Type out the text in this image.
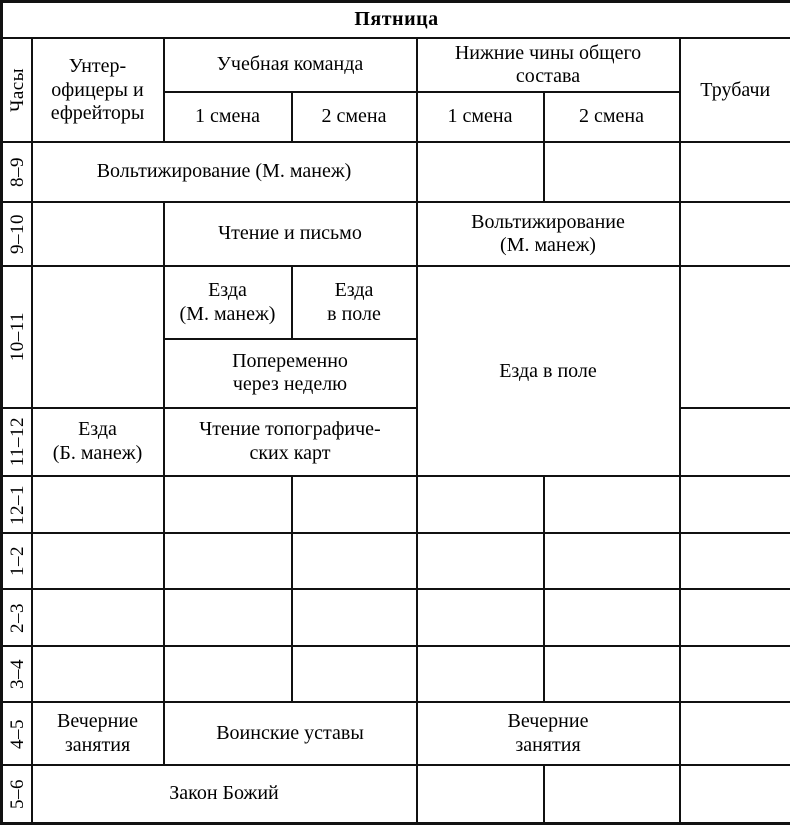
Пятница						

Часы	Унтер-
офицеры и
ефрейторы	Учебная команда		Нижние чины общего состава		Трубачи

		1 смена	2 смена	1 смена	2 смена	

8–9	Вольтижирование (М. манеж)					

9–10		Чтение и письмо		Вольтижирование
(М. манеж)		

10–11		Езда
(М. манеж)	Езда
в поле	Езда в поле		

		Попеременно
через неделю				

11–12	Езда
(Б. манеж)	Чтение топографиче-
ских карт				

12–1						

1–2						

2–3						

3–4						

4–5	Вечерние
занятия	Воинские уставы		Вечерние
занятия		

5–6	Закон Божий					
